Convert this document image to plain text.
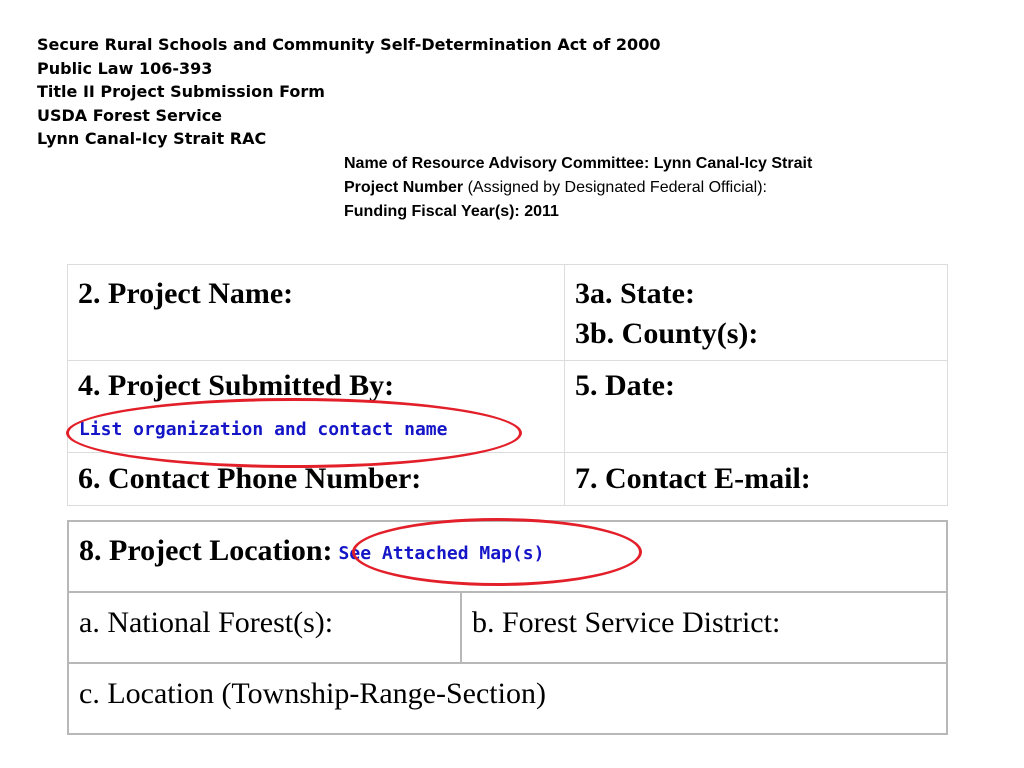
Secure Rural Schools and Community Self-Determination Act of 2000
Public Law 106-393
Title II Project Submission Form
USDA Forest Service
Lynn Canal-Icy Strait RAC
Name of Resource Advisory Committee: Lynn Canal-Icy Strait
Project Number (Assigned by Designated Federal Official):
Funding Fiscal Year(s): 2011
2. Project Name:	3a. State:
3b. County(s):

4. Project Submitted By:
List organization and contact name	5. Date:

6. Contact Phone Number:	7. Contact E-mail:
8. Project Location: See Attached Map(s)
a. National Forest(s):	b. Forest Service District:
c. Location (Township-Range-Section)
